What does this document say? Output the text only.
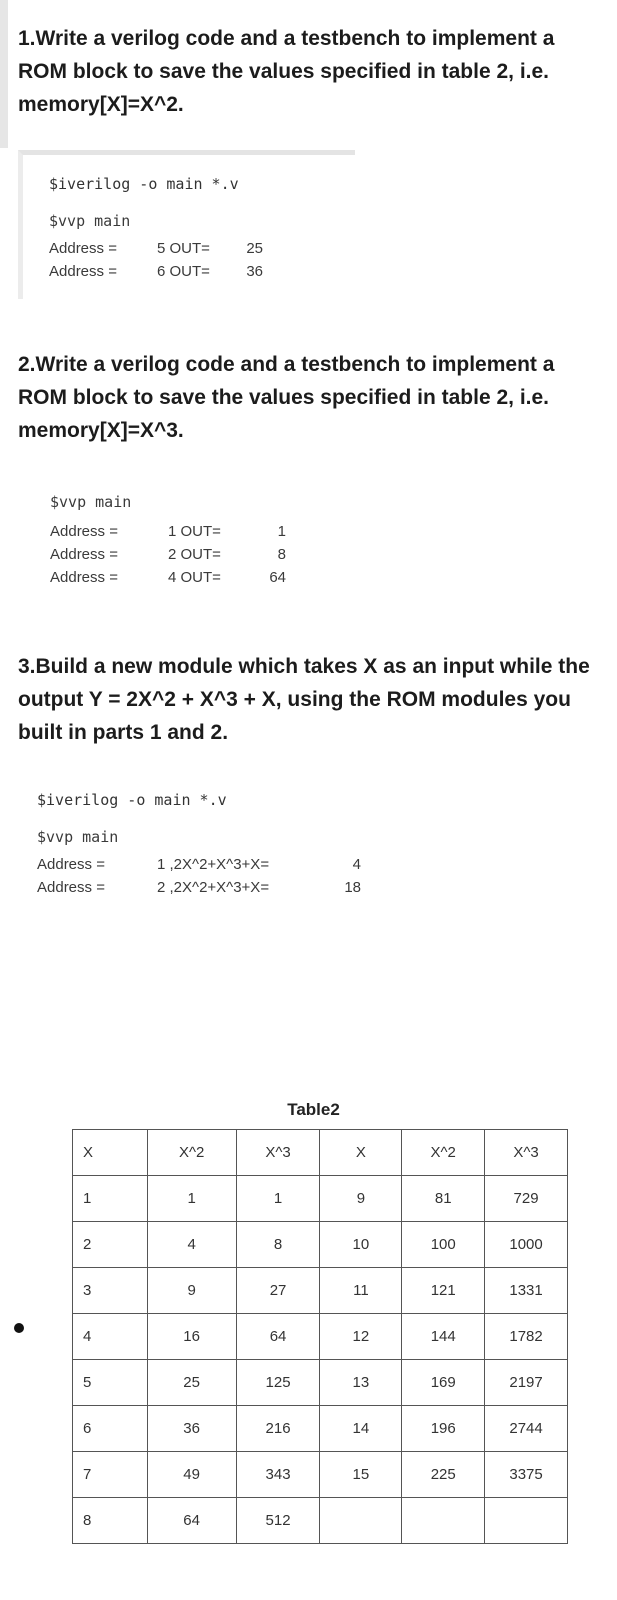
1.Write a verilog code and a testbench to implement a ROM block to save the values specified in table 2, i.e. memory[X]=X^2.

$iverilog -o main *.v
$vvp main
Address =	5 OUT=	25
Address =	6 OUT=	36

2.Write a verilog code and a testbench to implement a ROM block to save the values specified in table 2, i.e. memory[X]=X^3.

$vvp main
Address =	1 OUT=	1
Address =	2 OUT=	8
Address =	4 OUT=	64

3.Build a new module which takes X as an input while the output Y = 2X^2 + X^3 + X, using the ROM modules you built in parts 1 and 2.

$iverilog -o main *.v
$vvp main
Address =	1 ,2X^2+X^3+X=	4
Address =	2 ,2X^2+X^3+X=	18
Table2
X	X^2	X^3	X	X^2	X^3
1	1	1	9	81	729
2	4	8	10	100	1000
3	9	27	11	121	1331
4	16	64	12	144	1782
5	25	125	13	169	2197
6	36	216	14	196	2744
7	49	343	15	225	3375
8	64	512			
